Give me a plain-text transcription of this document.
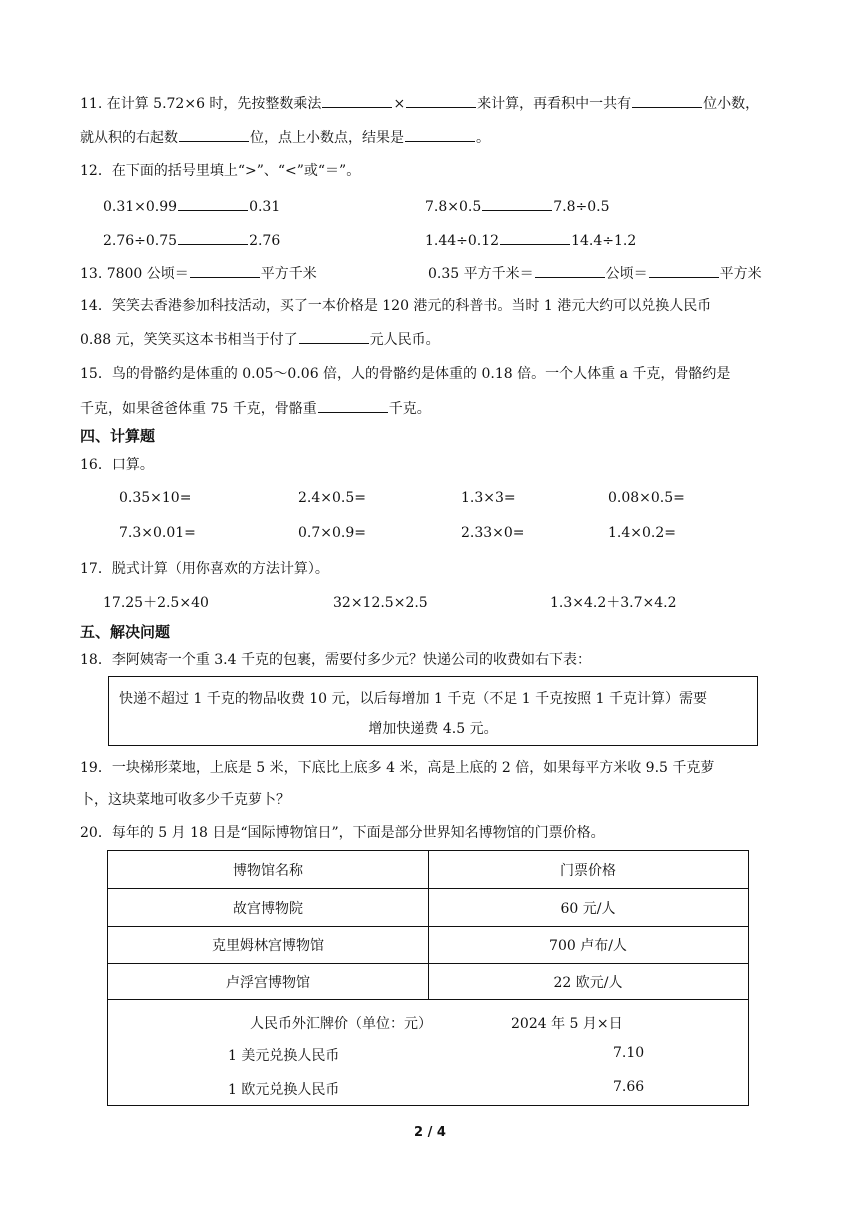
11. 在计算 5.72×6 时，先按整数乘法	×	来计算，再看积中一共有	位小数，
就从积的右起数	位，点上小数点，结果是	。
12．在下面的括号里填上“>”、“<”或“＝”。
0.31×0.99	0.31	7.8×0.5	7.8÷0.5
2.76÷0.75	2.76	1.44÷0.12	14.4÷1.2
13. 7800 公顷＝	平方千米	0.35 平方千米＝	公顷＝	平方米
14．笑笑去香港参加科技活动，买了一本价格是 120 港元的科普书。当时 1 港元大约可以兑换人民币
0.88 元，笑笑买这本书相当于付了	元人民币。
15．鸟的骨骼约是体重的 0.05～0.06 倍，人的骨骼约是体重的 0.18 倍。一个人体重 a 千克，骨骼约是
千克，如果爸爸体重 75 千克，骨骼重	千克。
四、计算题
16．口算。
0.35×10=	2.4×0.5=	1.3×3=	0.08×0.5=
7.3×0.01=	0.7×0.9=	2.33×0=	1.4×0.2=
17．脱式计算（用你喜欢的方法计算）。
17.25＋2.5×40	32×12.5×2.5	1.3×4.2＋3.7×4.2
五、解决问题
18．李阿姨寄一个重 3.4 千克的包裹，需要付多少元？快递公司的收费如右下表：
快递不超过 1 千克的物品收费 10 元，以后每增加 1 千克（不足 1 千克按照 1 千克计算）需要
增加快递费 4.5 元。
19．一块梯形菜地，上底是 5 米，下底比上底多 4 米，高是上底的 2 倍，如果每平方米收 9.5 千克萝
卜，这块菜地可收多少千克萝卜？
20．每年的 5 月 18 日是“国际博物馆日”，下面是部分世界知名博物馆的门票价格。
博物馆名称	门票价格
故宫博物院	60 元/人
克里姆林宫博物馆	700 卢布/人
卢浮宫博物馆	22 欧元/人
人民币外汇牌价（单位：元）	2024 年 5 月×日
1 美元兑换人民币	7.10
1 欧元兑换人民币	7.66
2 / 4
